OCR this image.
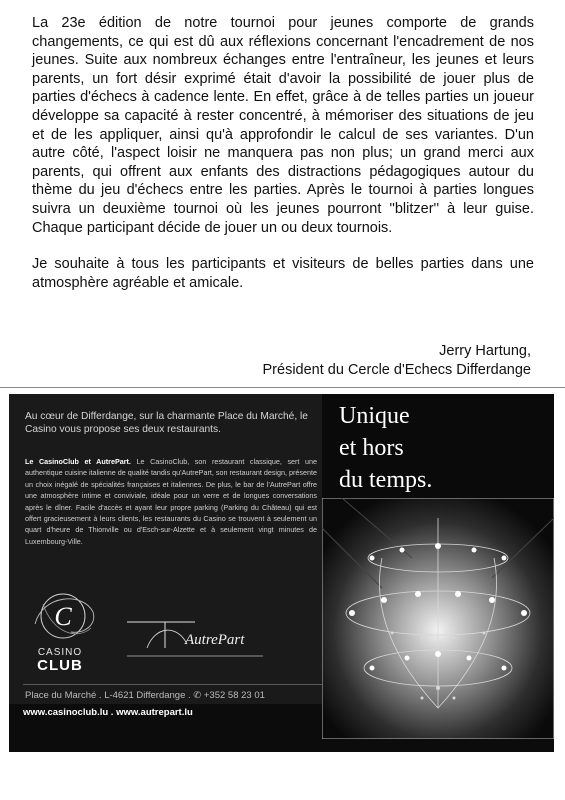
La 23e édition de notre tournoi pour jeunes comporte de grands changements, ce qui est dû aux réflexions concernant l'encadrement de nos jeunes. Suite aux nombreux échanges entre l'entraîneur, les jeunes et leurs parents, un fort désir exprimé était d'avoir la possibilité de jouer plus de parties d'échecs à cadence lente. En effet, grâce à de telles parties un joueur développe sa capacité à rester concentré, à mémoriser des situations de jeu et de les appliquer, ainsi qu'à approfondir le calcul de ses variantes. D'un autre côté, l'aspect loisir ne manquera pas non plus; un grand merci aux parents, qui offrent aux enfants des distractions pédagogiques autour du thème du jeu d'échecs entre les parties. Après le tournoi à parties longues suivra un deuxième tournoi où les jeunes pourront ''blitzer'' à leur guise. Chaque participant décide de jouer un ou deux tournois.

Je souhaite à tous les participants et visiteurs de belles parties dans une atmosphère agréable et amicale.

Jerry Hartung,
Président du Cercle d'Echecs Differdange
Au cœur de Differdange, sur la charmante Place du Marché, le Casino vous propose ses deux restaurants.
Le CasinoClub et AutrePart. Le CasinoClub, son restaurant classique, sert une authentique cuisine italienne de qualité tandis qu'AutrePart, son restaurant design, présente un choix inégalé de spécialités françaises et italiennes. De plus, le bar de l'AutrePart offre une atmosphère intime et conviviale, idéale pour un verre et de longues conversations après le dîner. Facile d'accès et ayant leur propre parking (Parking du Château) qui est offert gracieusement à leurs clients, les restaurants du Casino se trouvent à seulement un quart d'heure de Thionville ou d'Esch-sur-Alzette et à seulement vingt minutes de Luxembourg-Ville.
C
CASINO
CLUB
AutrePart
Place du Marché . L-4621 Differdange . ✆ +352 58 23 01
www.casinoclub.lu . www.autrepart.lu
Unique
et hors
du temps.
